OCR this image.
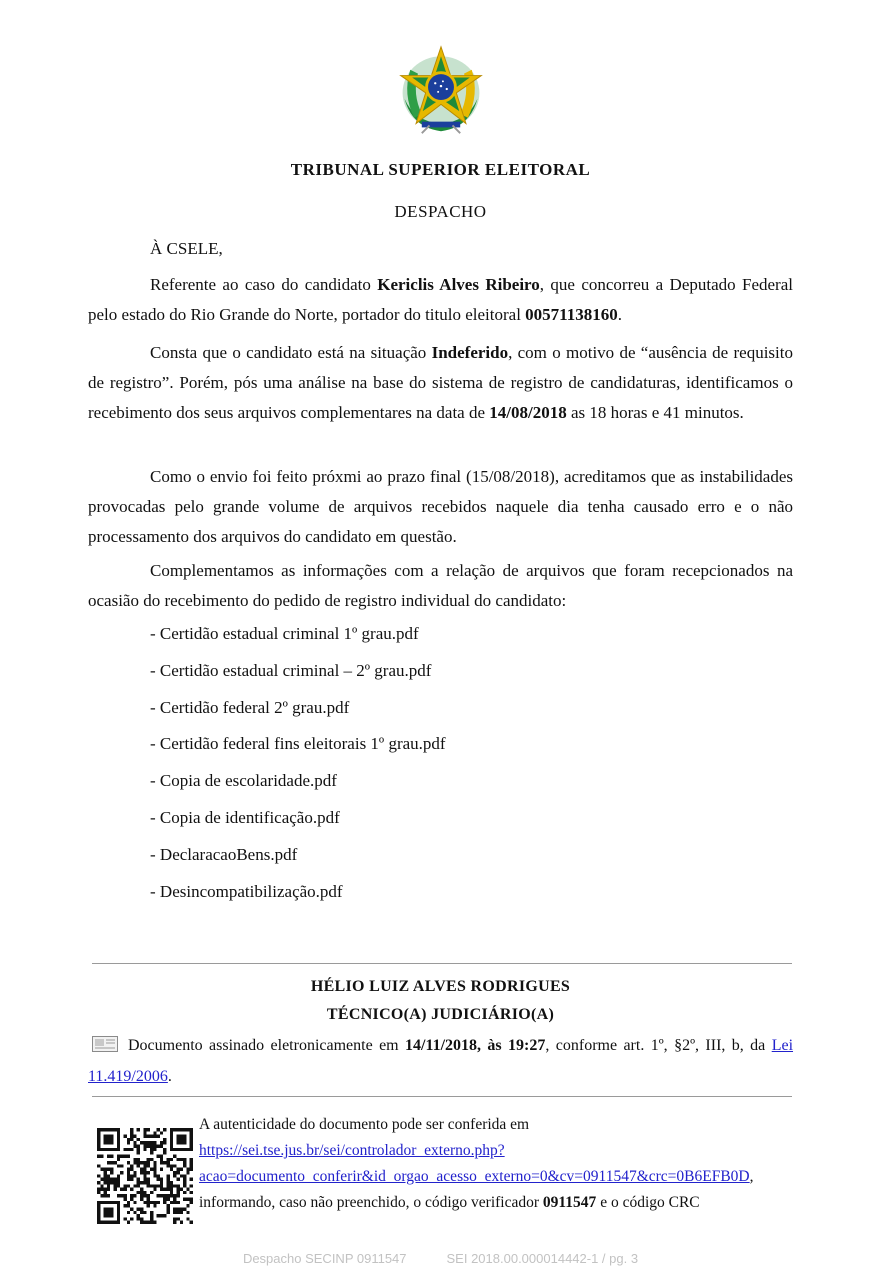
TRIBUNAL SUPERIOR ELEITORAL
DESPACHO
À CSELE,

Referente ao caso do candidato Kericlis Alves Ribeiro, que concorreu a Deputado Federal pelo estado do Rio Grande do Norte, portador do titulo eleitoral 00571138160.

Consta que o candidato está na situação Indeferido, com o motivo de “ausência de requisito de registro”. Porém, pós uma análise na base do sistema de registro de candidaturas, identificamos o recebimento dos seus arquivos complementares na data de 14/08/2018 as 18 horas e 41 minutos.

Como o envio foi feito próxmi ao prazo final (15/08/2018), acreditamos que as instabilidades provocadas pelo grande volume de arquivos recebidos naquele dia tenha causado erro e o não processamento dos arquivos do candidato em questão.

Complementamos as informações com a relação de arquivos que foram recepcionados na ocasião do recebimento do pedido de registro individual do candidato:

- Certidão estadual criminal 1º grau.pdf
- Certidão estadual criminal – 2º grau.pdf
- Certidão federal 2º grau.pdf
- Certidão federal fins eleitorais 1º grau.pdf
- Copia de escolaridade.pdf
- Copia de identificação.pdf
- DeclaracaoBens.pdf
- Desincompatibilização.pdf
HÉLIO LUIZ ALVES RODRIGUES
TÉCNICO(A) JUDICIÁRIO(A)

Documento assinado eletronicamente em 14/11/2018, às 19:27, conforme art. 1º, §2º, III, b, da Lei 11.419/2006.

A autenticidade do documento pode ser conferida em
https://sei.tse.jus.br/sei/controlador_externo.php?
acao=documento_conferir&id_orgao_acesso_externo=0&cv=0911547&crc=0B6EFB0D,
informando, caso não preenchido, o código verificador 0911547 e o código CRC
Despacho SECINP 0911547	SEI 2018.00.000014442-1 / pg. 3
